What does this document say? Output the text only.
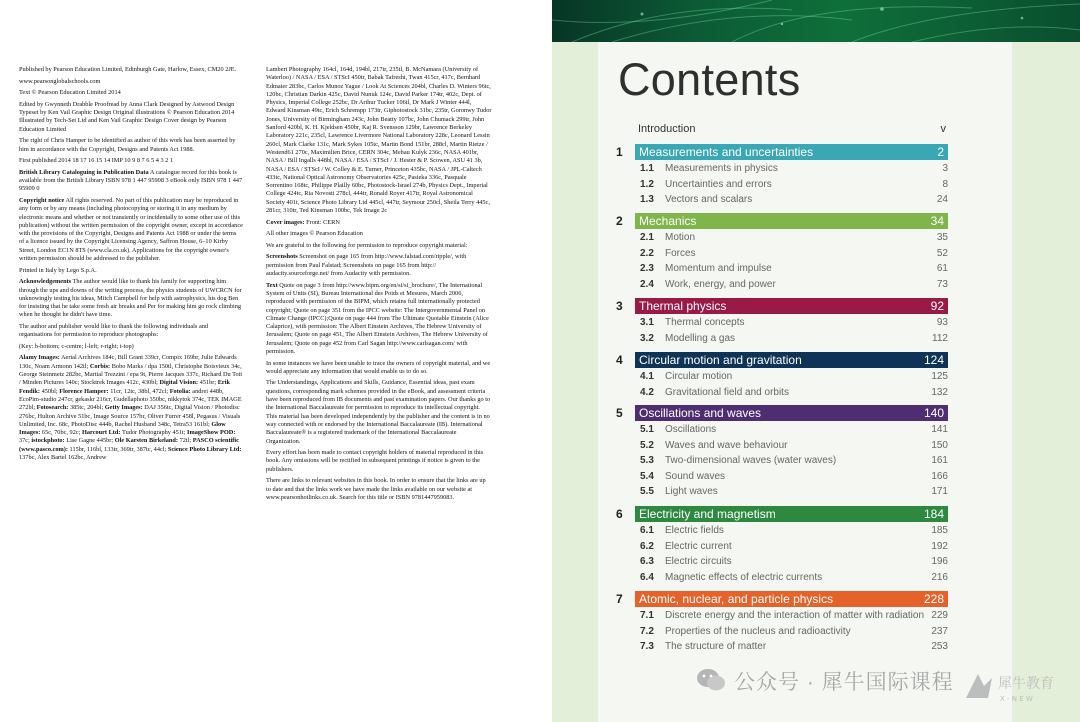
Published by Pearson Education Limited, Edinburgh Gate, Harlow, Essex, CM20 2JE.

www.pearsonglobalschools.com

Text © Pearson Education Limited 2014

Edited by Gwynneth Drabble Proofread by Anna Clark Designed by Astwood Design Typeset by Ken Vail Graphic Design Original illustrations © Pearson Education 2014 Illustrated by Tech-Set Ltd and Ken Vail Graphic Design Cover design by Pearson Education Limited

The right of Chris Hamper to be identified as author of this work has been asserted by him in accordance with the Copyright, Designs and Patents Act 1988.

First published 2014 18 17 16 15 14 IMP 10 9 8 7 6 5 4 3 2 1

British Library Cataloguing in Publication Data A catalogue record for this book is available from the British Library ISBN 978 1 447 95908 3 eBook only ISBN 978 1 447 95909 0

Copyright notice All rights reserved. No part of this publication may be reproduced in any form or by any means (including photocopying or storing it in any medium by electronic means and whether or not transiently or incidentally to some other use of this publication) without the written permission of the copyright owner, except in accordance with the provisions of the Copyright, Designs and Patents Act 1988 or under the terms of a licence issued by the Copyright Licensing Agency, Saffron House, 6–10 Kirby Street, London EC1N 8TS (www.cla.co.uk). Applications for the copyright owner's written permission should be addressed to the publisher.

Printed in Italy by Lego S.p.A.

Acknowledgements The author would like to thank his family for supporting him through the ups and downs of the writing process, the physics students of UWCRCN for unknowingly testing his ideas, Mitch Campbell for help with astrophysics, his dog Ben for insisting that he take some fresh air breaks and Per for making him go rock climbing when he thought he didn't have time.

The author and publisher would like to thank the following individuals and organisations for permission to reproduce photographs:

(Key: b-bottom; c-centre; l-left; r-right; t-top)

Alamy Images: Aerial Archives 184c, Bill Grant 339cr, Compix 169br, Julie Edwards 130c, Noam Armonn 142tl; Corbis: Bobo Marks / dpa 150tl, Christophe Boisvieux 34c, George Steinmetz 282bc, Martial Trezzini / epa 9t, Pierre Jacques 337c, Richard Du Toit / Minden Pictures 140c; Stocktrek Images 412c, 430bl; Digital Vision: 451br; Erik Fendik: 450bl; Florence Hamper: 11cr, 12tc, 38bl, 472cl; Fotolia: andrei 448b, EcoPim-studio 247cr, gekaskr 216cr, Gudellaphoto 350bc, nikkytok 374c, TEK IMAGE 272bl; Fotosearch: 385tc, 204bl; Getty Images: DAJ 356tc, Digital Vision / Photodisc 276bc, Hulton Archive 51bc, Image Source 157br, Oliver Furrer 458l, Pegasus / Visuals Unlimited, Inc. 68c, PhotoDisc 444b, Rachel Husband 348c, Tetra53 161bl; Glow Images: 65c, 70bc, 92c; Harcourt Ltd: Tudor Photography 451t; ImageShow POD: 37c; istockphoto: Lise Gagne 445br; Ole Karsten Birkeland: 72tl; PASCO scientific (www.pasco.com): 115br, 116bl, 133tr, 369tr, 387tc, 44cl; Science Photo Library Ltd: 137bc, Alex Bartel 162bc, Andrew

Lambert Photography 164cl, 164d, 194bl, 217tr, 235tl, B. McNamara (University of Waterloo) / NASA / ESA / STScI 450tr, Babak Tafreshi, Twan 415cr, 417c, Bernhard Edmaier 283bc, Carlos Munoz Yague / Look At Sciences 204bl, Charles D. Winters 96tc, 120bc, Christian Darkin 425c, David Nunuk 124c, David Parker 174tr, 402c, Dept. of Physics, Imperial College 252bc, Dr Arthur Tucker 106tl, Dr Mark J Winter 444l, Edward Kinsman 49tc, Erich Schrempp 173tr, Giphotostock 31bc, 235tr, Goronwy Tudor Jones, University of Birmingham 243c, John Beatty 107bc, John Chumack 299tr, John Sanford 420bl, K. H. Kjeldsen 450br, Kaj R. Svensson 129br, Lawrence Berkeley Laboratory 221c, 235cl, Lawrence Livermore National Laboratory 228c, Leonard Lessin 260cl, Mark Clarke 131c, Mark Sykes 105tc, Martin Bond 151br, 288cl, Martin Rietze / Westend61 270c, Maximilien Brice, CERN 304c, Mehau Kulyk 236c, NASA 401br, NASA / Bill Ingalls 448bl, NASA / ESA / STScI / J. Hester & P. Scowen, ASU 41 3b, NASA / ESA / STScI / W. Colley & E. Turner, Princeton 435bc, NASA / JPL-Caltech 433tc, National Optical Astronomy Observatories 425c, Pasieka 336c, Pasquale Sorrentino 168tc, Philippe Plailly 60bc, Photostock-Israel 274b, Physics Dept., Imperial College 424tc, Ria Novosti 278cl, 444tr, Ronald Royer 417tr, Royal Astronomical Society 401t, Science Photo Library Ltd 445cl, 447tr, Seymour 250cl, Sheila Terry 445c, 281cr, 310tr, Ted Kinsman 100bc, Tek Image 2c

Cover images: Front: CERN

All other images © Pearson Education

We are grateful to the following for permission to reproduce copyright material:

Screenshots Screenshot on page 165 from http://www.falstad.com/ripple/, with permission from Paul Falstad; Screenshots on page 165 from http:// audacity.sourceforge.net/ from Audacity with permission.

Text Quote on page 3 from http://www.bipm.org/en/si/si_brochure/, The International System of Units (SI), Bureau International des Poids et Mesures, March 2006, reproduced with permission of the BIPM, which retains full internationally protected copyright; Quote on page 351 from the IPCC website: The Intergovernmental Panel on Climate Change (IPCC);Quote on page 444 from The Ultimate Quotable Einstein (Alice Calaprice), with permission: The Albert Einstein Archives, The Hebrew University of Jerusalem; Quote on page 451, The Albert Einstein Archives, The Hebrew University of Jerusalem; Quote on page 452 from Carl Sagan http://www.carlsagan.com/ with permission.

In some instances we have been unable to trace the owners of copyright material, and we would appreciate any information that would enable us to do so.

The Understandings, Applications and Skills, Guidance, Essential ideas, past exam questions, corresponding mark schemes provided in the eBook, and assessment criteria have been reproduced from IB documents and past examination papers. Our thanks go to the International Baccalaureate for permission to reproduce its intellectual copyright. This material has been developed independently by the publisher and the content is in no way connected with or endorsed by the International Baccalaureate (IB). International Baccalaureate® is a registered trademark of the International Baccalaureate Organization.

Every effort has been made to contact copyright holders of material reproduced in this book. Any omissions will be rectified in subsequent printings if notice is given to the publishers.

There are links to relevant websites in this book. In order to ensure that the links are up to date and that the links work we have made the links available on our website at www.pearsonhotlinks.co.uk. Search for this title or ISBN 9781447959083.

Contents
Introduction	v
1	Measurements and uncertainties	2
1.1 Measurements in physics	3
1.2 Uncertainties and errors	8
1.3 Vectors and scalars	24
2	Mechanics	34
2.1 Motion	35
2.2 Forces	52
2.3 Momentum and impulse	61
2.4 Work, energy, and power	73
3	Thermal physics	92
3.1 Thermal concepts	93
3.2 Modelling a gas	112
4	Circular motion and gravitation	124
4.1 Circular motion	125
4.2 Gravitational field and orbits	132
5	Oscillations and waves	140
5.1 Oscillations	141
5.2 Waves and wave behaviour	150
5.3 Two-dimensional waves (water waves)	161
5.4 Sound waves	166
5.5 Light waves	171
6	Electricity and magnetism	184
6.1 Electric fields	185
6.2 Electric current	192
6.3 Electric circuits	196
6.4 Magnetic effects of electric currents	216
7	Atomic, nuclear, and particle physics	228
7.1 Discrete energy and the interaction of matter with radiation 229
7.2 Properties of the nucleus and radioactivity	237
7.3 The structure of matter	253
公众号 · 犀牛国际课程	犀牛教育
X - N E W
